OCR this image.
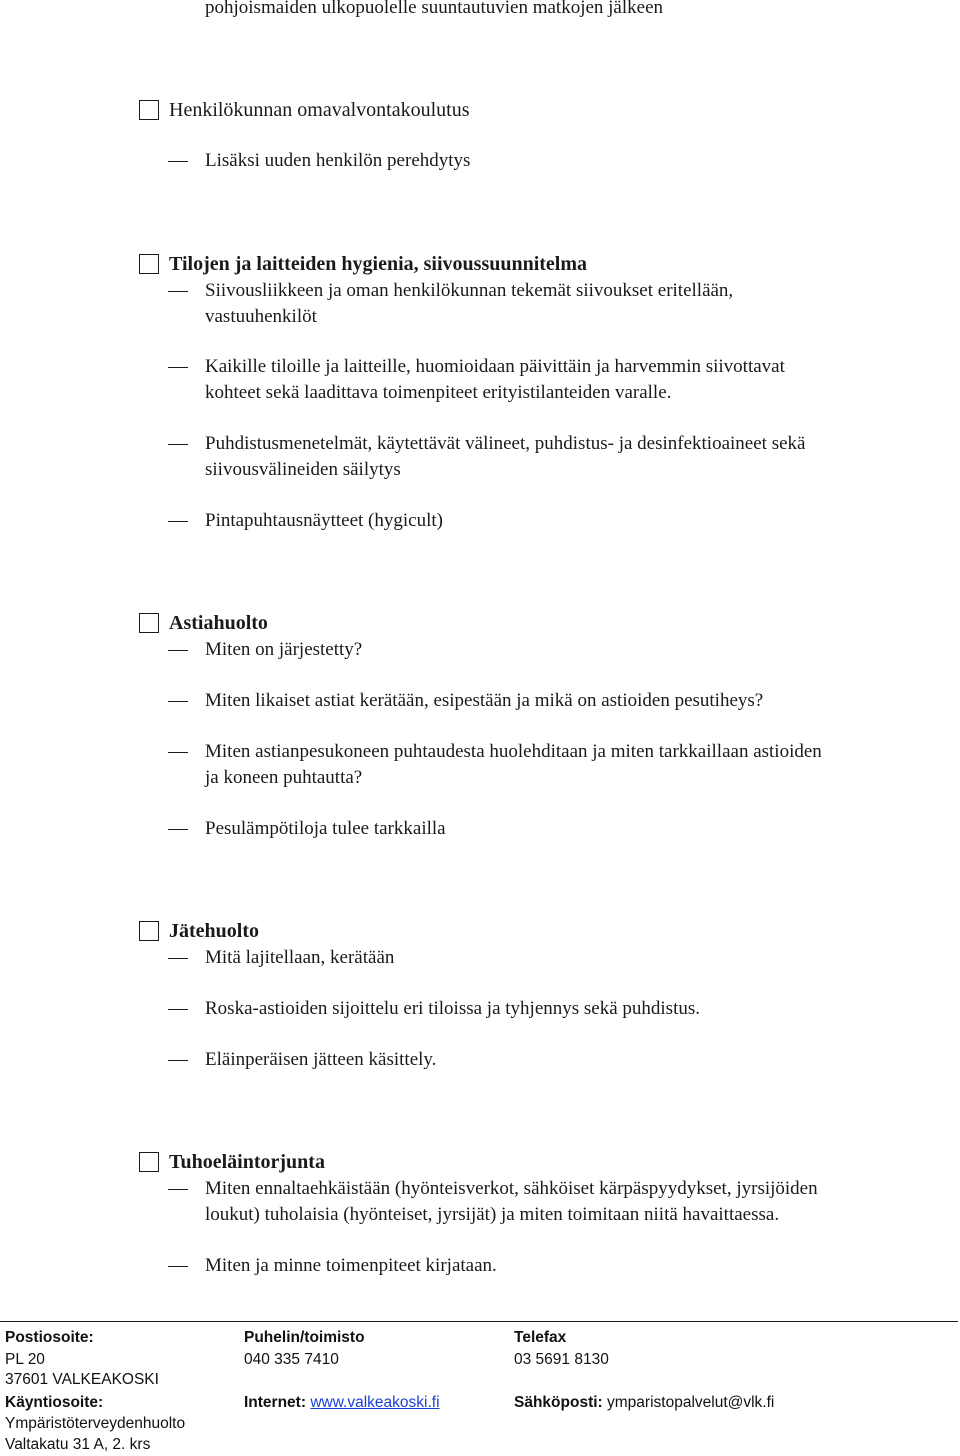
pohjoismaiden ulkopuolelle suuntautuvien matkojen jälkeen
Henkilökunnan omavalvontakoulutus
Lisäksi uuden henkilön perehdytys
Tilojen ja laitteiden hygienia, siivoussuunnitelma
Siivousliikkeen ja oman henkilökunnan tekemät siivoukset eritellään,
vastuuhenkilöt
Kaikille tiloille ja laitteille, huomioidaan päivittäin ja harvemmin siivottavat
kohteet sekä laadittava toimenpiteet erityistilanteiden varalle.
Puhdistusmenetelmät, käytettävät välineet, puhdistus- ja desinfektioaineet sekä
siivousvälineiden säilytys
Pintapuhtausnäytteet (hygicult)
Astiahuolto
Miten on järjestetty?
Miten likaiset astiat kerätään, esipestään ja mikä on astioiden pesutiheys?
Miten astianpesukoneen puhtaudesta huolehditaan ja miten tarkkaillaan astioiden
ja koneen puhtautta?
Pesulämpötiloja tulee tarkkailla
Jätehuolto
Mitä lajitellaan, kerätään
Roska-astioiden sijoittelu eri tiloissa ja tyhjennys sekä puhdistus.
Eläinperäisen jätteen käsittely.
Tuhoeläintorjunta
Miten ennaltaehkäistään (hyönteisverkot, sähköiset kärpäspyydykset, jyrsijöiden
loukut) tuholaisia (hyönteiset, jyrsijät) ja miten toimitaan niitä havaittaessa.
Miten ja minne toimenpiteet kirjataan.
Postiosoite:
PL 20
37601 VALKEAKOSKI
Käyntiosoite:
Ympäristöterveydenhuolto
Valtakatu 31 A, 2. krs
Puhelin/toimisto
040 335 7410
Internet: www.valkeakoski.fi
Telefax
03 5691 8130
Sähköposti: ymparistopalvelut@vlk.fi
